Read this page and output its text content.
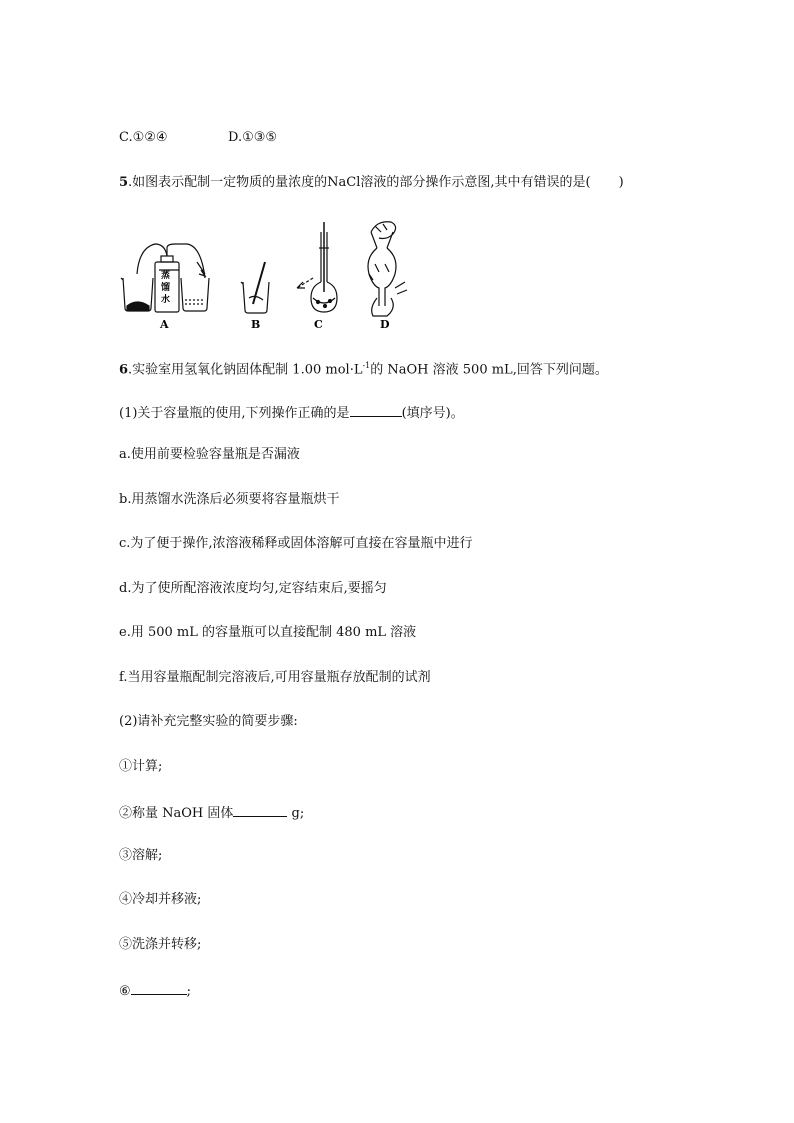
C.①②④	D.①③⑤
5.如图表示配制一定物质的量浓度的NaCl溶液的部分操作示意图,其中有错误的是( )
蒸
馏
水
A	B	C	D
6.实验室用氢氧化钠固体配制 1.00 $mol\cdot L^{-1}$的 NaOH 溶液 500 mL,回答下列问题。
(1)关于容量瓶的使用,下列操作正确的是	(填序号)。
a.使用前要检验容量瓶是否漏液
b.用蒸馏水洗涤后必须要将容量瓶烘干
c.为了便于操作,浓溶液稀释或固体溶解可直接在容量瓶中进行
d.为了使所配溶液浓度均匀,定容结束后,要摇匀
e.用 500 mL 的容量瓶可以直接配制 480 mL 溶液
f.当用容量瓶配制完溶液后,可用容量瓶存放配制的试剂
(2)请补充完整实验的简要步骤:
①计算;
②称量 NaOH 固体	g;
③溶解;
④冷却并移液;
⑤洗涤并转移;
⑥	;
